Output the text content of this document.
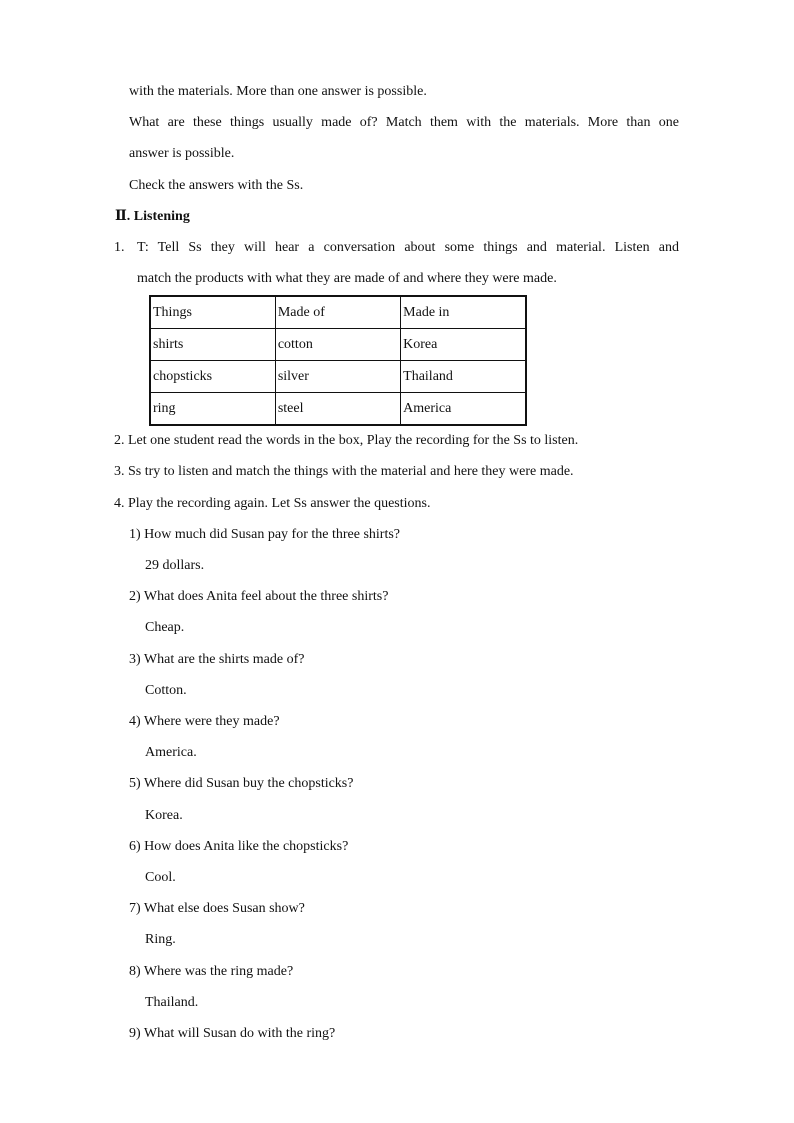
with the materials. More than one answer is possible.
What are these things usually made of? Match them with the materials. More than one
answer is possible.
Check the answers with the Ss.
Ⅱ. Listening
1. T: Tell Ss they will hear a conversation about some things and material. Listen and
match the products with what they are made of and where they were made.
Things	Made of	Made in
shirts	cotton	Korea
chopsticks	silver	Thailand
ring	steel	America
2. Let one student read the words in the box, Play the recording for the Ss to listen.
3. Ss try to listen and match the things with the material and here they were made.
4. Play the recording again. Let Ss answer the questions.
1) How much did Susan pay for the three shirts?
29 dollars.
2) What does Anita feel about the three shirts?
Cheap.
3) What are the shirts made of?
Cotton.
4) Where were they made?
America.
5) Where did Susan buy the chopsticks?
Korea.
6) How does Anita like the chopsticks?
Cool.
7) What else does Susan show?
Ring.
8) Where was the ring made?
Thailand.
9) What will Susan do with the ring?
